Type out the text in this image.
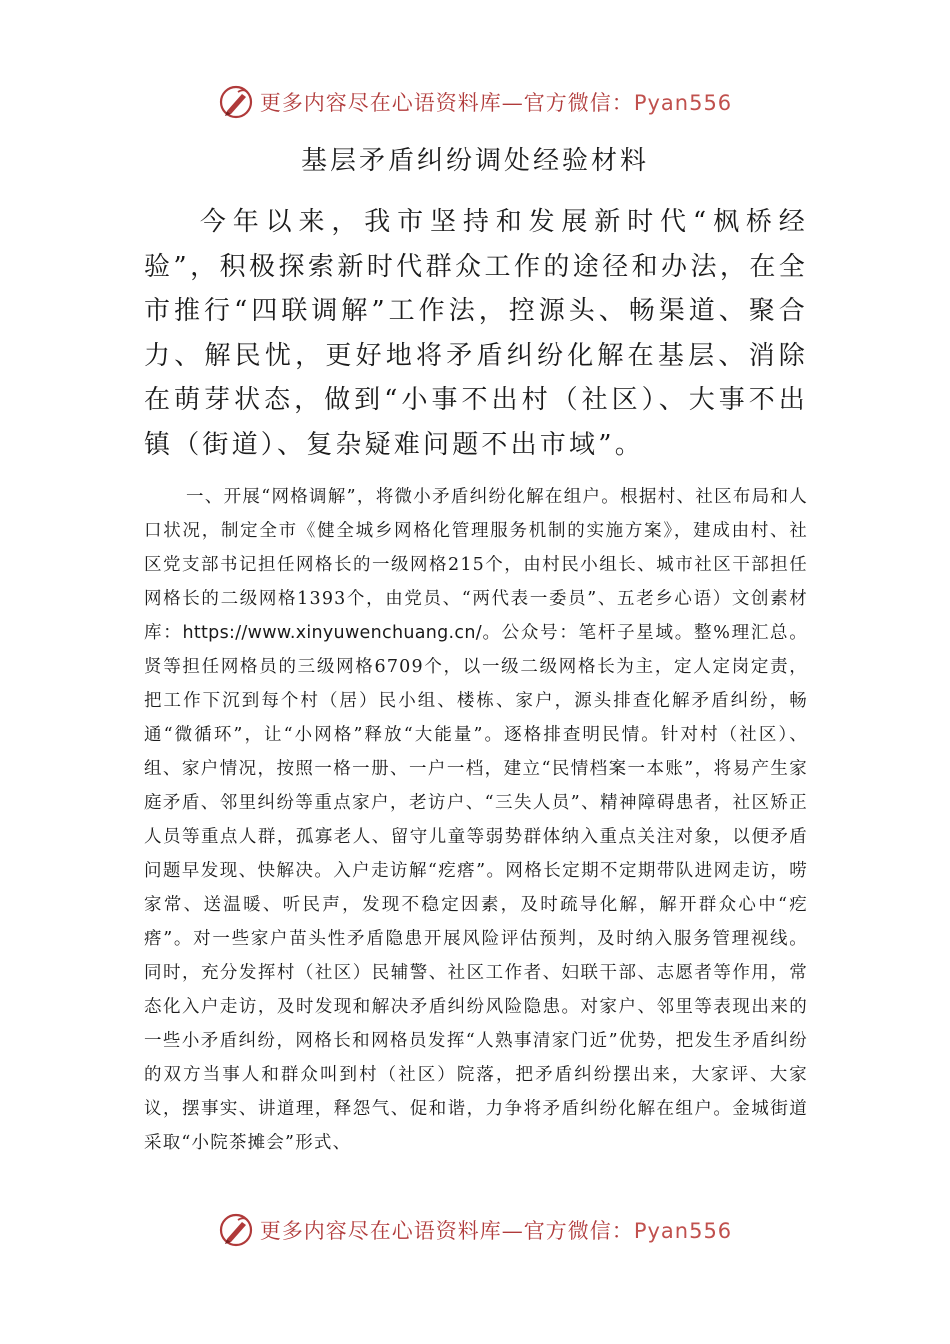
更多内容尽在心语资料库—官方微信：Pyan556
基层矛盾纠纷调处经验材料

今年以来，我市坚持和发展新时代“枫桥经验”，积极探索新时代群众工作的途径和办法，在全市推行“四联调解”工作法，控源头、畅渠道、聚合力、解民忧，更好地将矛盾纠纷化解在基层、消除在萌芽状态，做到“小事不出村（社区）、大事不出镇（街道）、复杂疑难问题不出市域”。

一、开展“网格调解”，将微小矛盾纠纷化解在组户。根据村、社区布局和人口状况，制定全市《健全城乡网格化管理服务机制的实施方案》，建成由村、社区党支部书记担任网格长的一级网格215个，由村民小组长、城市社区干部担任网格长的二级网格1393个，由党员、“两代表一委员”、五老乡心语）文创素材库：https://www.xinyuwenchuang.cn/。公众号：笔杆子星域。整%理汇总。贤等担任网格员的三级网格6709个，以一级二级网格长为主，定人定岗定责，把工作下沉到每个村（居）民小组、楼栋、家户，源头排查化解矛盾纠纷，畅通“微循环”，让“小网格”释放“大能量”。逐格排查明民情。针对村（社区）、组、家户情况，按照一格一册、一户一档，建立“民情档案一本账”，将易产生家庭矛盾、邻里纠纷等重点家户，老访户、“三失人员”、精神障碍患者，社区矫正人员等重点人群，孤寡老人、留守儿童等弱势群体纳入重点关注对象，以便矛盾问题早发现、快解决。入户走访解“疙瘩”。网格长定期不定期带队进网走访，唠家常、送温暖、听民声，发现不稳定因素，及时疏导化解，解开群众心中“疙瘩”。对一些家户苗头性矛盾隐患开展风险评估预判，及时纳入服务管理视线。同时，充分发挥村（社区）民辅警、社区工作者、妇联干部、志愿者等作用，常态化入户走访，及时发现和解决矛盾纠纷风险隐患。对家户、邻里等表现出来的一些小矛盾纠纷，网格长和网格员发挥“人熟事清家门近”优势，把发生矛盾纠纷的双方当事人和群众叫到村（社区）院落，把矛盾纠纷摆出来，大家评、大家议，摆事实、讲道理，释怨气、促和谐，力争将矛盾纠纷化解在组户。金城街道采取“小院茶摊会”形式、

更多内容尽在心语资料库—官方微信：Pyan556
